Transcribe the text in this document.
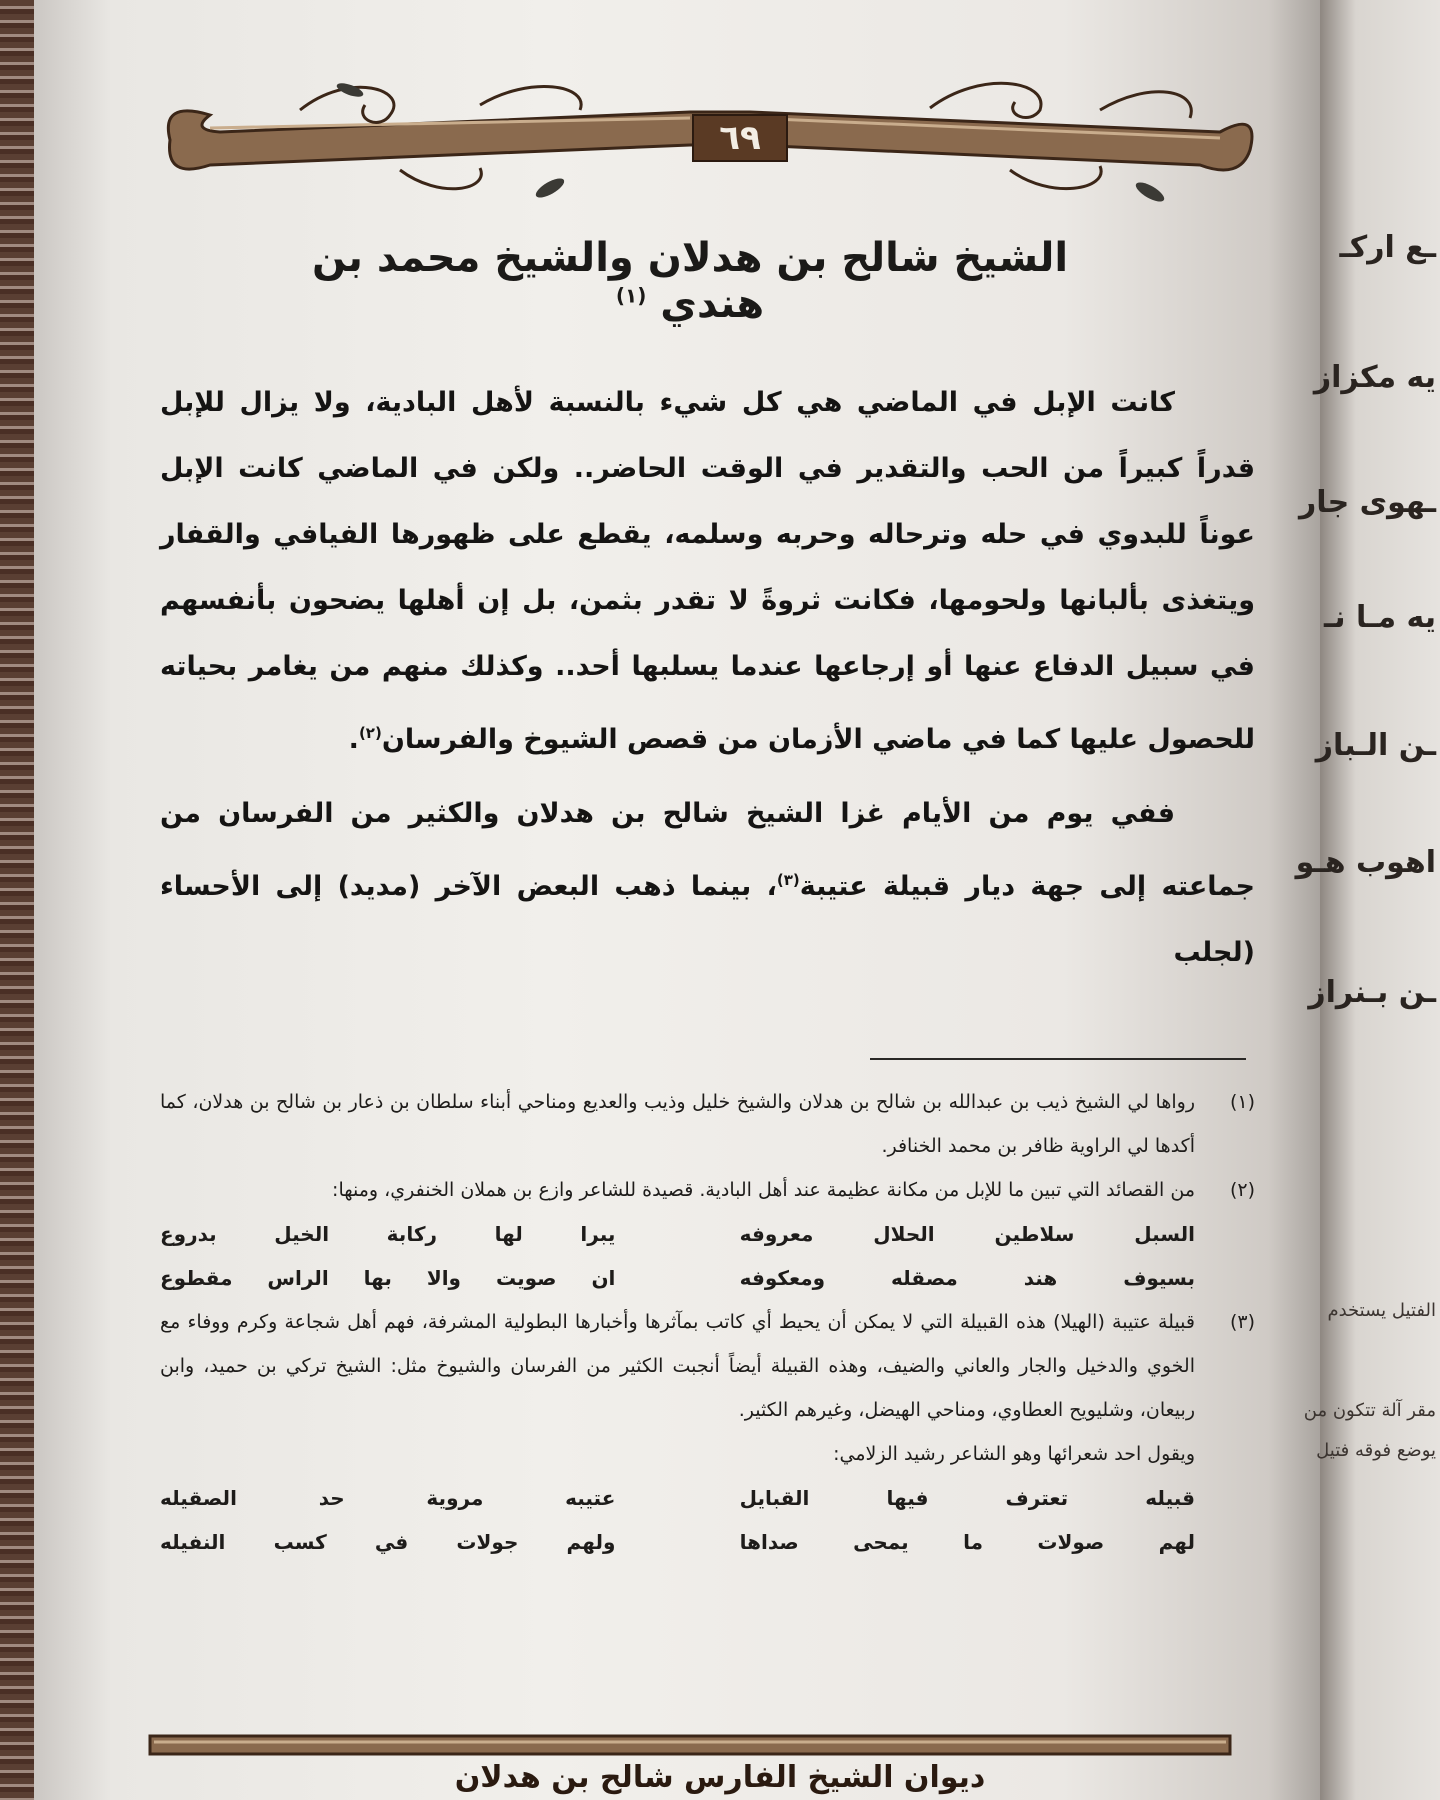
ـع اركـ
يه مكزاز
ـهوى جار
يه مـا نـ
ـن الـباز
اهوب هـو
ـن بـنراز
الفتيل يستخدم
مقر آلة تتكون من
يوضع فوقه فتيل
٦٩
الشيخ شالح بن هدلان والشيخ محمد بن هندي $^{(١)}$

كانت الإبل في الماضي هي كل شيء بالنسبة لأهل البادية، ولا يزال للإبل قدراً كبيراً من الحب والتقدير في الوقت الحاضر.. ولكن في الماضي كانت الإبل عوناً للبدوي في حله وترحاله وحربه وسلمه، يقطع على ظهورها الفيافي والقفار ويتغذى بألبانها ولحومها، فكانت ثروةً لا تقدر بثمن، بل إن أهلها يضحون بأنفسهم في سبيل الدفاع عنها أو إرجاعها عندما يسلبها أحد.. وكذلك منهم من يغامر بحياته للحصول عليها كما في ماضي الأزمان من قصص الشيوخ والفرسان$^{(٢)}$.

ففي يوم من الأيام غزا الشيخ شالح بن هدلان والكثير من الفرسان من جماعته إلى جهة ديار قبيلة عتيبة$^{(٣)}$، بينما ذهب البعض الآخر (مديد) إلى الأحساء (لجلب

(١)
رواها لي الشيخ ذيب بن عبدالله بن شالح بن هدلان والشيخ خليل وذيب والعديع ومناحي أبناء سلطان بن ذعار بن شالح بن هدلان، كما أكدها لي الراوية ظافر بن محمد الخنافر.
(٢)
من القصائد التي تبين ما للإبل من مكانة عظيمة عند أهل البادية. قصيدة للشاعر وازع بن هملان الخنفري، ومنها:
السبل سلاطين الحلال معروفه
يبرا لها ركابة الخيل بدروع
بسيوف هند مصقله ومعكوفه
ان صويت والا بها الراس مقطوع
(٣)
قبيلة عتيبة (الهيلا) هذه القبيلة التي لا يمكن أن يحيط أي كاتب بمآثرها وأخبارها البطولية المشرفة، فهم أهل شجاعة وكرم ووفاء مع الخوي والدخيل والجار والعاني والضيف، وهذه القبيلة أيضاً أنجبت الكثير من الفرسان والشيوخ مثل: الشيخ تركي بن حميد، وابن ربيعان، وشليويح العطاوي، ومناحي الهيضل، وغيرهم الكثير.
ويقول احد شعرائها وهو الشاعر رشيد الزلامي:
قبيله تعترف فيها القبايل
عتيبه مروية حد الصقيله
لهم صولات ما يمحى صداها
ولهم جولات في كسب النفيله
ديوان الشيخ الفارس شالح بن هدلان
